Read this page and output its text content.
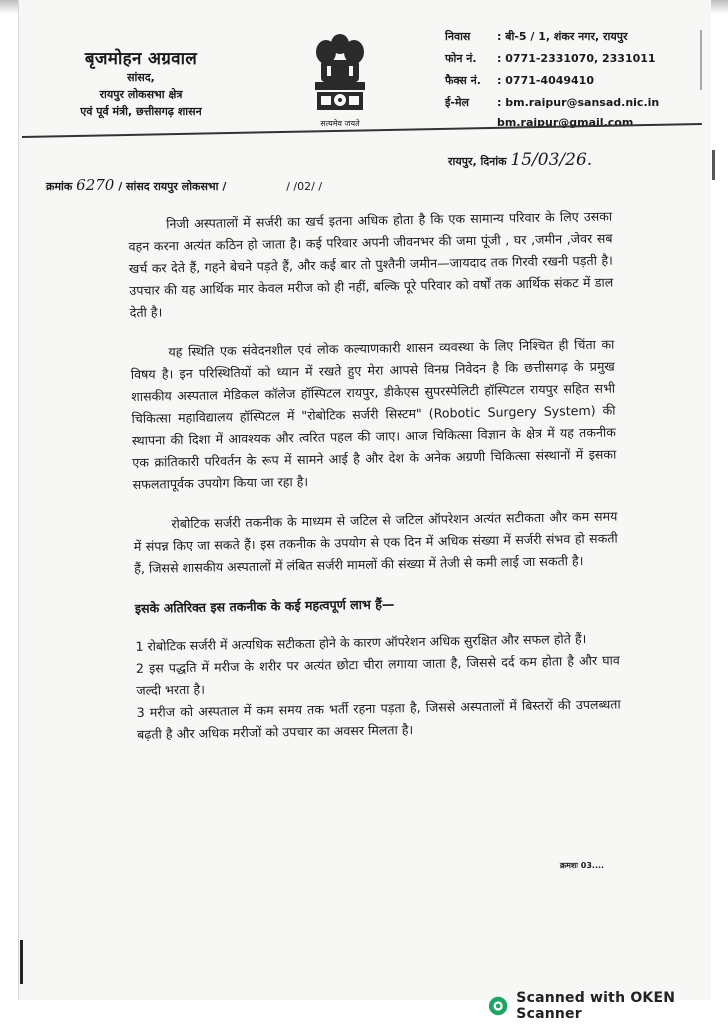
बृजमोहन अग्रवाल
सांसद,
रायपुर लोकसभा क्षेत्र
एवं पूर्व मंत्री, छत्तीसगढ़ शासन
सत्यमेव जयते
निवास	: बी-5 / 1, शंकर नगर, रायपुर
फोन नं.	: 0771-2331070, 2331011
फैक्स नं.	: 0771-4049410
ई-मेल	: bm.raipur@sansad.nic.in
bm.raipur@gmail.com
रायपुर, दिनांक 15/03/26.
क्रमांक 6270 / सांसद रायपुर लोकसभा /	/ /02/ /

निजी अस्पतालों में सर्जरी का खर्च इतना अधिक होता है कि एक सामान्य परिवार के लिए उसका वहन करना अत्यंत कठिन हो जाता है। कई परिवार अपनी जीवनभर की जमा पूंजी , घर ,जमीन ,जेवर सब खर्च कर देते हैं, गहने बेचने पड़ते हैं, और कई बार तो पुश्तैनी जमीन—जायदाद तक गिरवी रखनी पड़ती है। उपचार की यह आर्थिक मार केवल मरीज को ही नहीं, बल्कि पूरे परिवार को वर्षों तक आर्थिक संकट में डाल देती है।

यह स्थिति एक संवेदनशील एवं लोक कल्याणकारी शासन व्यवस्था के लिए निश्चित ही चिंता का विषय है। इन परिस्थितियों को ध्यान में रखते हुए मेरा आपसे विनम्र निवेदन है कि छत्तीसगढ़ के प्रमुख शासकीय अस्पताल मेडिकल कॉलेज हॉस्पिटल रायपुर, डीकेएस सुपरस्पेलिटी हॉस्पिटल रायपुर सहित सभी चिकित्सा महाविद्यालय हॉस्पिटल में "रोबोटिक सर्जरी सिस्टम" (Robotic Surgery System) की स्थापना की दिशा में आवश्यक और त्वरित पहल की जाए। आज चिकित्सा विज्ञान के क्षेत्र में यह तकनीक एक क्रांतिकारी परिवर्तन के रूप में सामने आई है और देश के अनेक अग्रणी चिकित्सा संस्थानों में इसका सफलतापूर्वक उपयोग किया जा रहा है।

रोबोटिक सर्जरी तकनीक के माध्यम से जटिल से जटिल ऑपरेशन अत्यंत सटीकता और कम समय में संपन्न किए जा सकते हैं। इस तकनीक के उपयोग से एक दिन में अधिक संख्या में सर्जरी संभव हो सकती हैं, जिससे शासकीय अस्पतालों में लंबित सर्जरी मामलों की संख्या में तेजी से कमी लाई जा सकती है।

इसके अतिरिक्त इस तकनीक के कई महत्वपूर्ण लाभ हैं—
1 रोबोटिक सर्जरी में अत्यधिक सटीकता होने के कारण ऑपरेशन अधिक सुरक्षित और सफल होते हैं।
2 इस पद्धति में मरीज के शरीर पर अत्यंत छोटा चीरा लगाया जाता है, जिससे दर्द कम होता है और घाव जल्दी भरता है।
3 मरीज को अस्पताल में कम समय तक भर्ती रहना पड़ता है, जिससे अस्पतालों में बिस्तरों की उपलब्धता बढ़ती है और अधिक मरीजों को उपचार का अवसर मिलता है।
क्रमशः 03....
Scanned with OKEN Scanner
